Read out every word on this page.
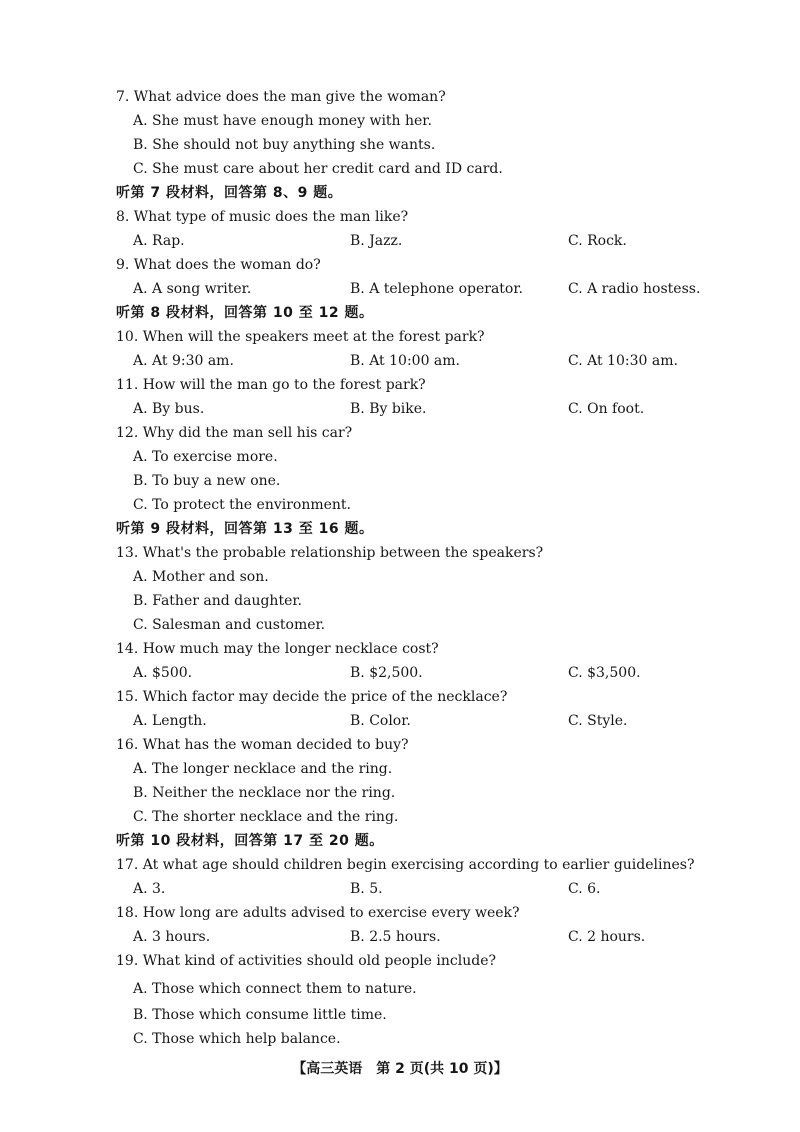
7. What advice does the man give the woman?
A. She must have enough money with her.
B. She should not buy anything she wants.
C. She must care about her credit card and ID card.
听第 7 段材料，回答第 8、9 题。
8. What type of music does the man like?
A. Rap.	B. Jazz.	C. Rock.
9. What does the woman do?
A. A song writer.	B. A telephone operator.	C. A radio hostess.
听第 8 段材料，回答第 10 至 12 题。
10. When will the speakers meet at the forest park?
A. At 9:30 am.	B. At 10:00 am.	C. At 10:30 am.
11. How will the man go to the forest park?
A. By bus.	B. By bike.	C. On foot.
12. Why did the man sell his car?
A. To exercise more.
B. To buy a new one.
C. To protect the environment.
听第 9 段材料，回答第 13 至 16 题。
13. What's the probable relationship between the speakers?
A. Mother and son.
B. Father and daughter.
C. Salesman and customer.
14. How much may the longer necklace cost?
A. $500.	B. $2,500.	C. $3,500.
15. Which factor may decide the price of the necklace?
A. Length.	B. Color.	C. Style.
16. What has the woman decided to buy?
A. The longer necklace and the ring.
B. Neither the necklace nor the ring.
C. The shorter necklace and the ring.
听第 10 段材料，回答第 17 至 20 题。
17. At what age should children begin exercising according to earlier guidelines?
A. 3.	B. 5.	C. 6.
18. How long are adults advised to exercise every week?
A. 3 hours.	B. 2.5 hours.	C. 2 hours.
19. What kind of activities should old people include?
A. Those which connect them to nature.
B. Those which consume little time.
C. Those which help balance.
【高三英语　第 2 页(共 10 页)】
